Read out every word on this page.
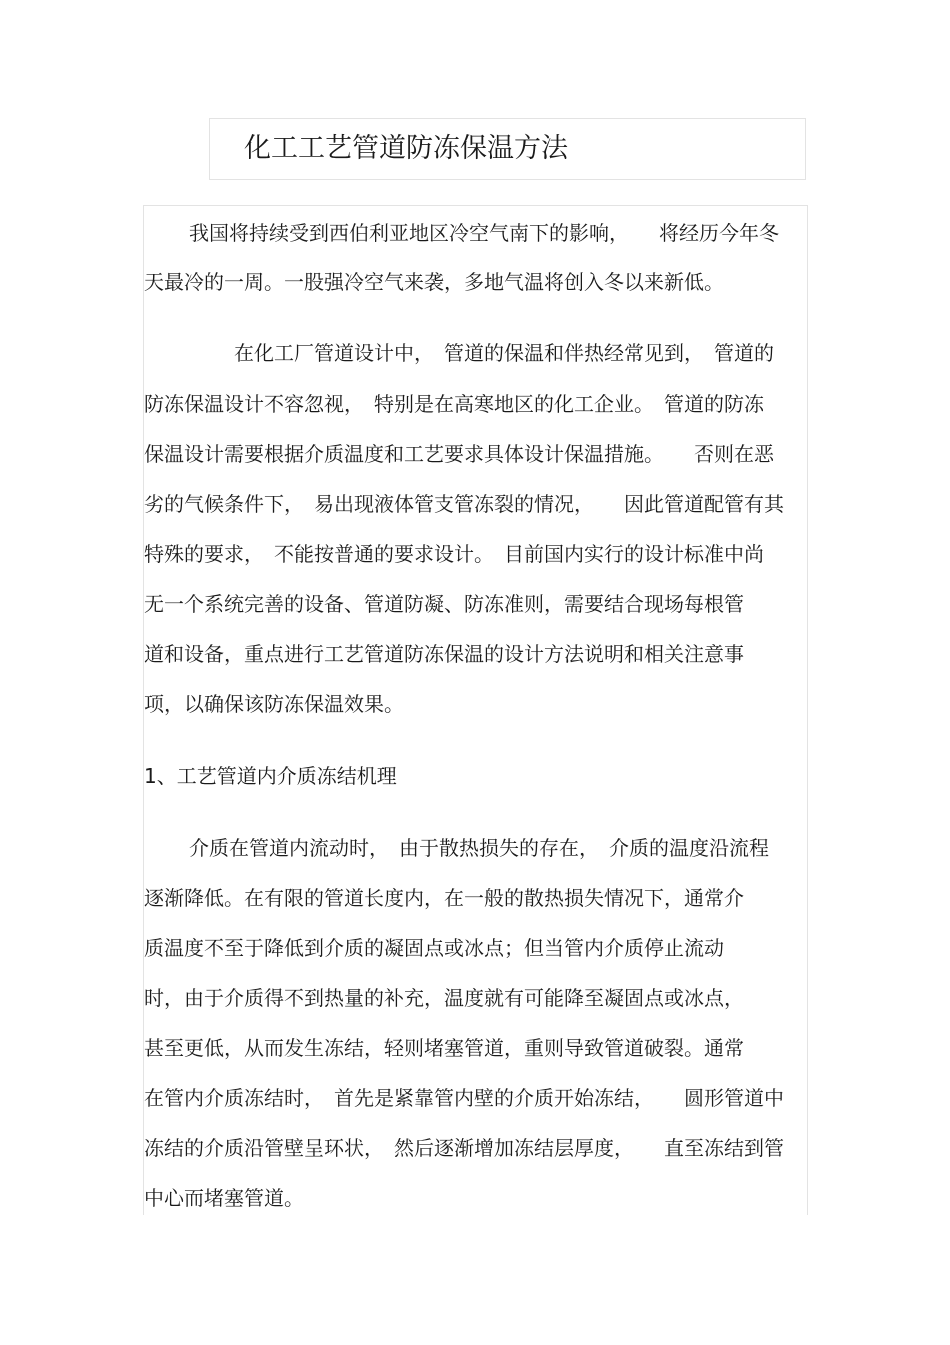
化工工艺管道防冻保温方法

我国将持续受到西伯利亚地区冷空气南下的影响，　　将经历今年冬

天最冷的一周。一股强冷空气来袭，多地气温将创入冬以来新低。

在化工厂管道设计中，　管道的保温和伴热经常见到，　管道的

防冻保温设计不容忽视，　特别是在高寒地区的化工企业。　管道的防冻

保温设计需要根据介质温度和工艺要求具体设计保温措施。　　否则在恶

劣的气候条件下，　易出现液体管支管冻裂的情况，　　因此管道配管有其

特殊的要求，　不能按普通的要求设计。　目前国内实行的设计标准中尚

无一个系统完善的设备、管道防凝、防冻准则，需要结合现场每根管

道和设备，重点进行工艺管道防冻保温的设计方法说明和相关注意事

项，以确保该防冻保温效果。

1、工艺管道内介质冻结机理

介质在管道内流动时，　由于散热损失的存在，　介质的温度沿流程

逐渐降低。在有限的管道长度内，在一般的散热损失情况下，通常介

质温度不至于降低到介质的凝固点或冰点；但当管内介质停止流动

时，由于介质得不到热量的补充，温度就有可能降至凝固点或冰点，

甚至更低，从而发生冻结，轻则堵塞管道，重则导致管道破裂。通常

在管内介质冻结时，　首先是紧靠管内壁的介质开始冻结，　　圆形管道中

冻结的介质沿管壁呈环状，　然后逐渐增加冻结层厚度，　　直至冻结到管

中心而堵塞管道。
